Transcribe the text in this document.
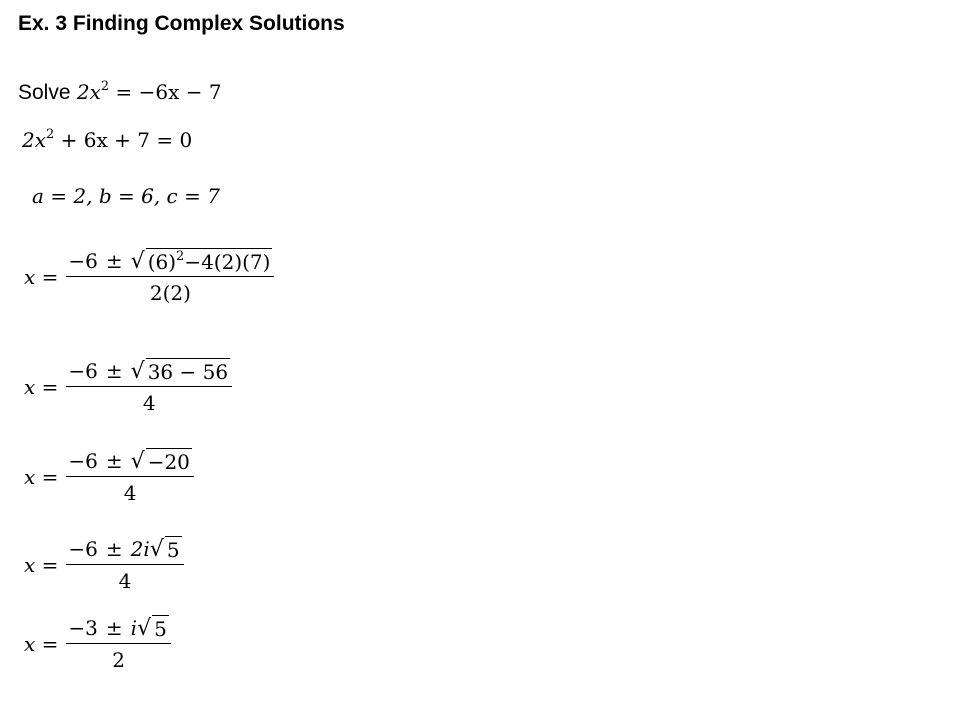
Ex. 3 Finding Complex Solutions
Solve $2x^2 = -6x - 7$
$2x^2 + 6x + 7 = 0$
a = 2, b = 6, c = 7
$x = \frac{-6 \pm √ (6)^2-4(2)(7)}{2(2)}$
$x = \frac{-6 \pm √ 36 - 56}{4}$
$x = \frac{-6 \pm √ -20}{4}$
$x = \frac{-6 \pm 2i √ 5}{4}$
$x = \frac{-3 \pm i √ 5}{2}$
